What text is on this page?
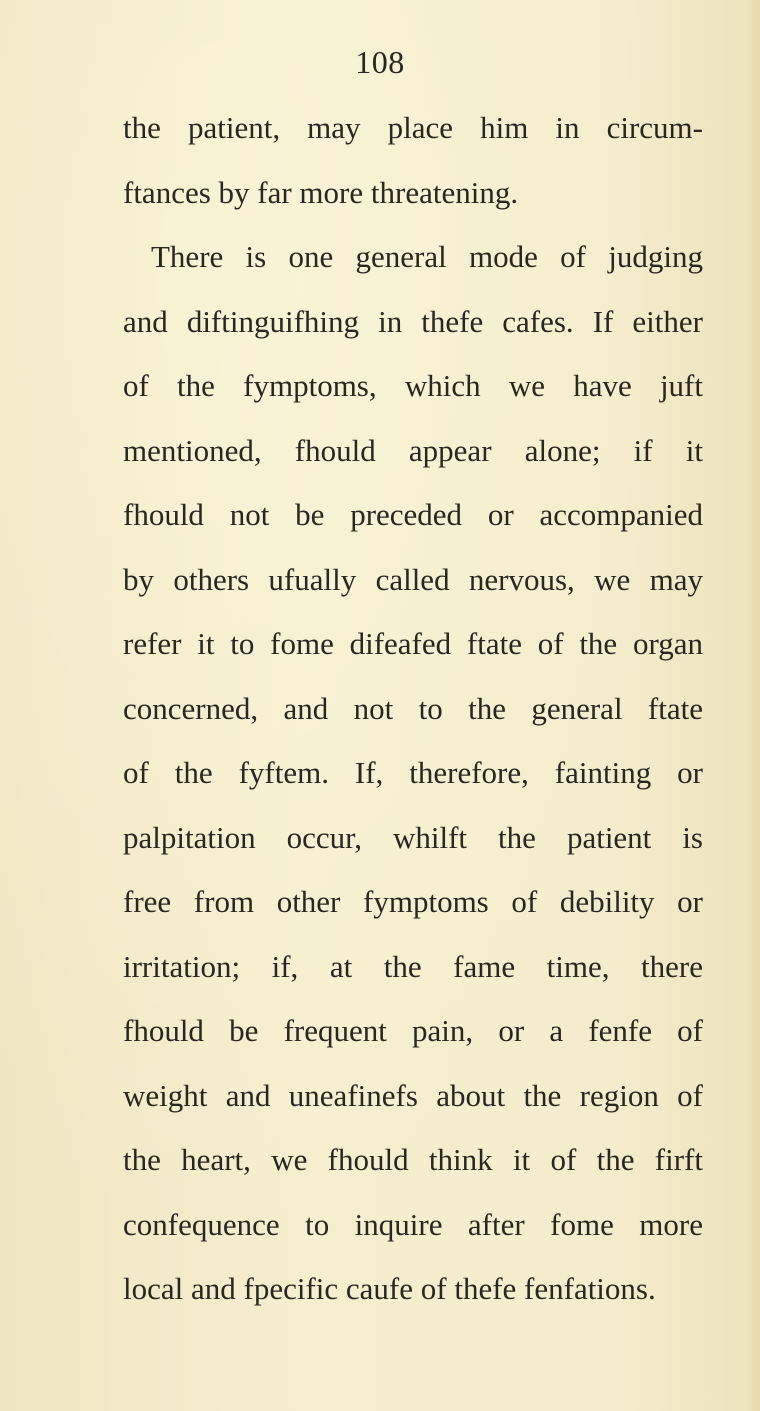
108
the patient, may place him in circum-
ftances by far more threatening.
There is one general mode of judging
and diftinguifhing in thefe cafes. If either
of the fymptoms, which we have juft
mentioned, fhould appear alone; if it
fhould not be preceded or accompanied
by others ufually called nervous, we may
refer it to fome difeafed ftate of the organ
concerned, and not to the general ftate
of the fyftem. If, therefore, fainting or
palpitation occur, whilft the patient is
free from other fymptoms of debility or
irritation; if, at the fame time, there
fhould be frequent pain, or a fenfe of
weight and uneafinefs about the region of
the heart, we fhould think it of the firft
confequence to inquire after fome more
local and fpecific caufe of thefe fenfations.
